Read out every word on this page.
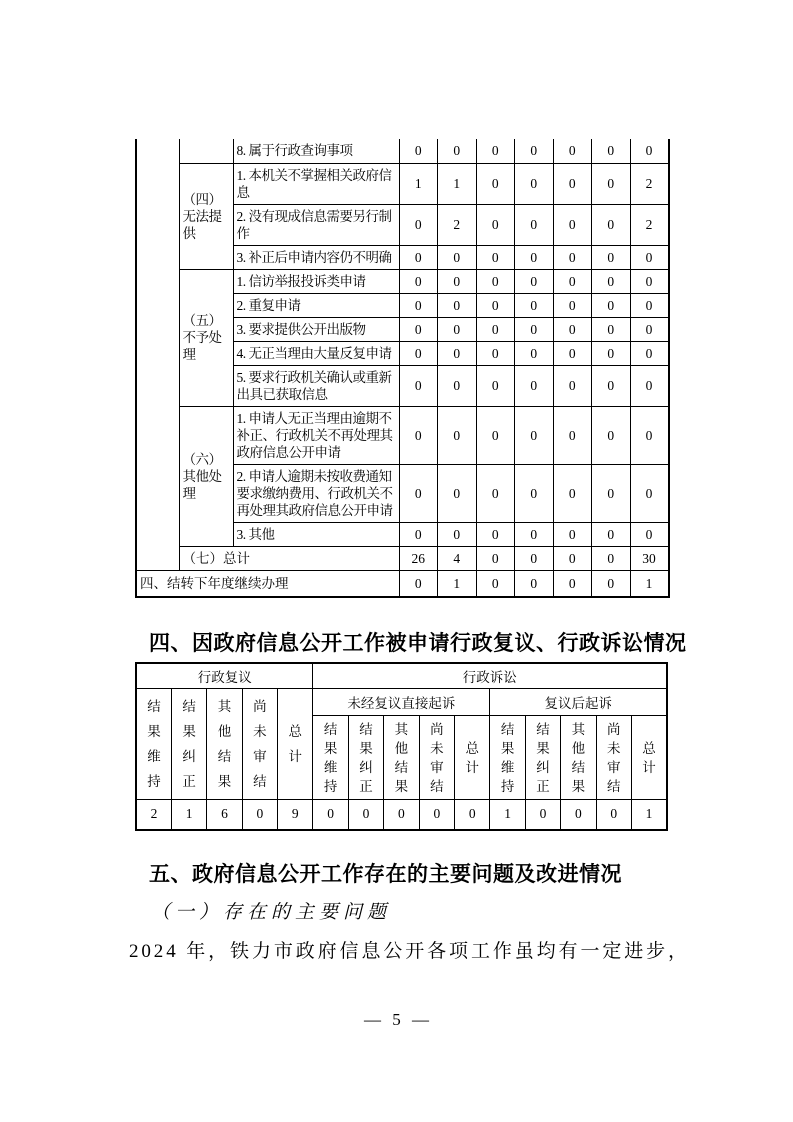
		8. 属于行政查询事项	0	0	0	0	0	0	0
	（四）无法提供	1. 本机关不掌握相关政府信息	1	1	0	0	0	0	2
		2. 没有现成信息需要另行制作	0	2	0	0	0	0	2
		3. 补正后申请内容仍不明确	0	0	0	0	0	0	0
	（五）不予处理	1. 信访举报投诉类申请	0	0	0	0	0	0	0
		2. 重复申请	0	0	0	0	0	0	0
		3. 要求提供公开出版物	0	0	0	0	0	0	0
		4. 无正当理由大量反复申请	0	0	0	0	0	0	0
		5. 要求行政机关确认或重新出具已获取信息	0	0	0	0	0	0	0
	（六）其他处理	1. 申请人无正当理由逾期不补正、行政机关不再处理其政府信息公开申请	0	0	0	0	0	0	0
		2. 申请人逾期未按收费通知要求缴纳费用、行政机关不再处理其政府信息公开申请	0	0	0	0	0	0	0
		3. 其他	0	0	0	0	0	0	0
	（七）总计		26	4	0	0	0	0	30
四、结转下年度继续办理			0	1	0	0	0	0	1
四、因政府信息公开工作被申请行政复议、行政诉讼情况
行政复议					行政诉讼									
结果维持	结果纠正	其他结果	尚未审结	总计	未经复议直接起诉					复议后起诉				
					结果维持	结果纠正	其他结果	尚未审结	总计	结果维持	结果纠正	其他结果	尚未审结	总计
2	1	6	0	9	0	0	0	0	0	1	0	0	0	1
五、政府信息公开工作存在的主要问题及改进情况
（一）存在的主要问题
2024 年，铁力市政府信息公开各项工作虽均有一定进步，
— 5 —
